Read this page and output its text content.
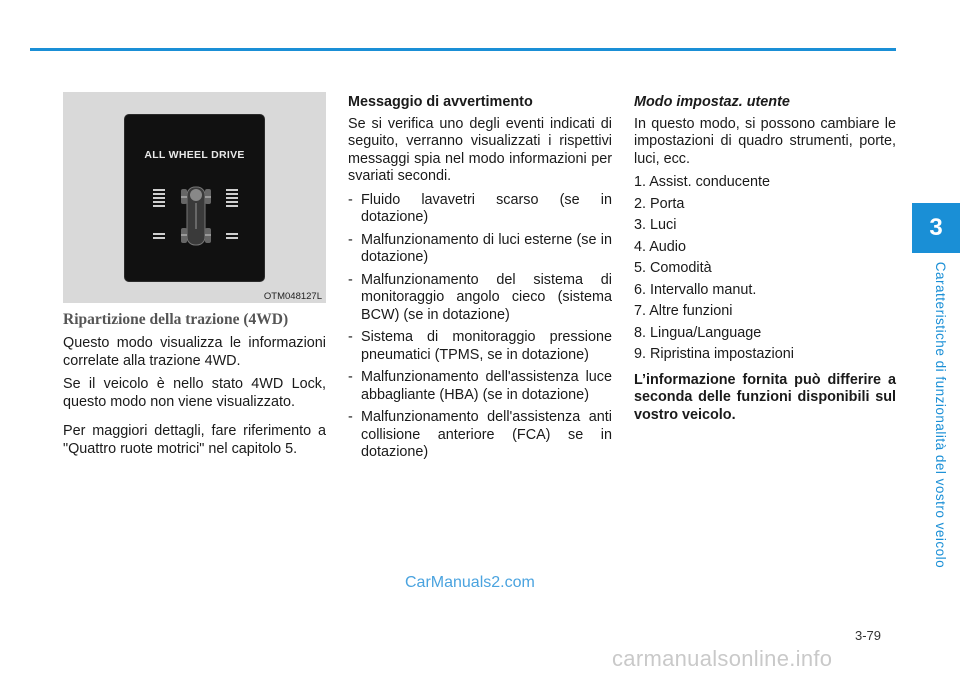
3
Caratteristiche di funzionalità del vostro veicolo
ALL WHEEL DRIVE
OTM048127L
Ripartizione della trazione (4WD)

Questo modo visualizza le informazioni correlate alla trazione 4WD.

Se il veicolo è nello stato 4WD Lock, questo modo non viene visualizzato.

Per maggiori dettagli, fare riferimento a "Quattro ruote motrici" nel capitolo 5.

Messaggio di avvertimento

Se si verifica uno degli eventi indicati di seguito, verranno visualizzati i rispettivi messaggi spia nel modo informazioni per svariati secondi.

- Fluido lavavetri scarso (se in dotazione)
- Malfunzionamento di luci esterne (se in dotazione)
- Malfunzionamento del sistema di monitoraggio angolo cieco (sistema BCW) (se in dotazione)
- Sistema di monitoraggio pressione pneumatici (TPMS, se in dotazione)
- Malfunzionamento dell'assistenza luce abbagliante (HBA) (se in dotazione)
- Malfunzionamento dell'assistenza anti collisione anteriore (FCA) se in dotazione)
Modo impostaz. utente

In questo modo, si possono cambiare le impostazioni di quadro strumenti, porte, luci, ecc.

1. Assist. conducente
2. Porta
3. Luci
4. Audio
5. Comodità
6. Intervallo manut.
7. Altre funzioni
8. Lingua/Language
9. Ripristina impostazioni
L’informazione fornita può differire a seconda delle funzioni disponibili sul vostro veicolo.
CarManuals2.com
3-79
carmanualsonline.info
